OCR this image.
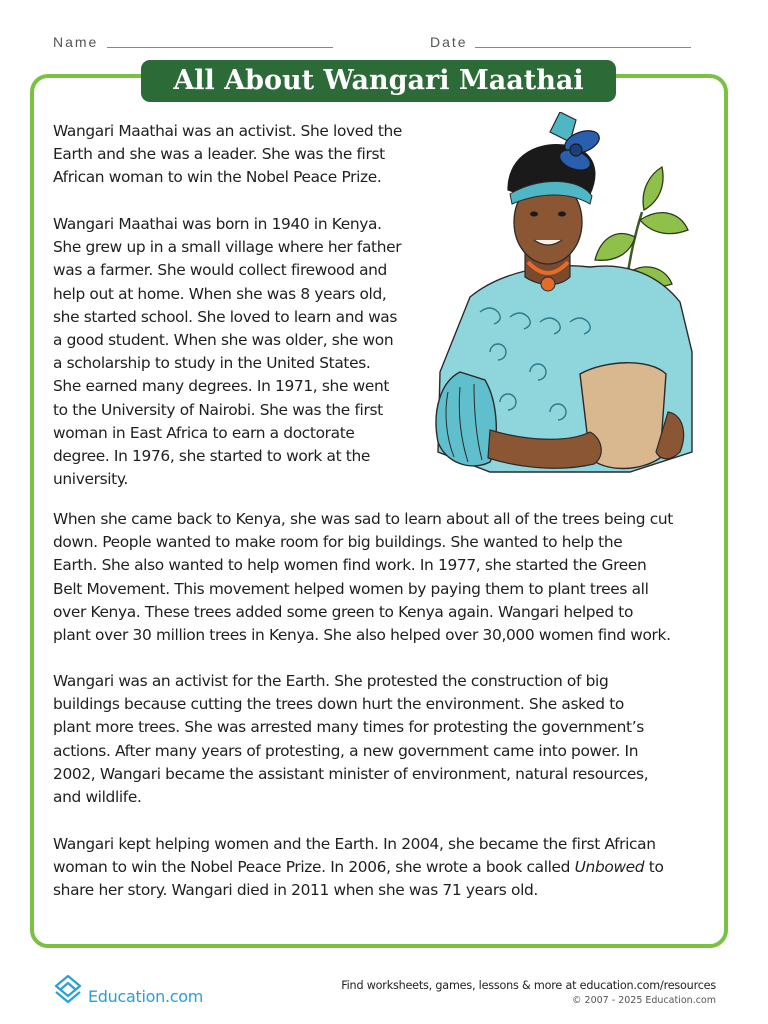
Name	Date
All About Wangari Maathai

Wangari Maathai was an activist. She loved the
Earth and she was a leader. She was the first
African woman to win the Nobel Peace Prize.

Wangari Maathai was born in 1940 in Kenya.
She grew up in a small village where her father
was a farmer. She would collect firewood and
help out at home. When she was 8 years old,
she started school. She loved to learn and was
a good student. When she was older, she won
a scholarship to study in the United States.
She earned many degrees. In 1971, she went
to the University of Nairobi. She was the first
woman in East Africa to earn a doctorate
degree. In 1976, she started to work at the
university.

When she came back to Kenya, she was sad to learn about all of the trees being cut
down. People wanted to make room for big buildings. She wanted to help the
Earth. She also wanted to help women find work. In 1977, she started the Green
Belt Movement. This movement helped women by paying them to plant trees all
over Kenya. These trees added some green to Kenya again. Wangari helped to
plant over 30 million trees in Kenya. She also helped over 30,000 women find work.

Wangari was an activist for the Earth. She protested the construction of big
buildings because cutting the trees down hurt the environment. She asked to
plant more trees. She was arrested many times for protesting the government’s
actions. After many years of protesting, a new government came into power. In
2002, Wangari became the assistant minister of environment, natural resources,
and wildlife.

Wangari kept helping women and the Earth. In 2004, she became the first African
woman to win the Nobel Peace Prize. In 2006, she wrote a book called Unbowed to
share her story. Wangari died in 2011 when she was 71 years old.

Education.com
Find worksheets, games, lessons & more at education.com/resources
© 2007 - 2025 Education.com
